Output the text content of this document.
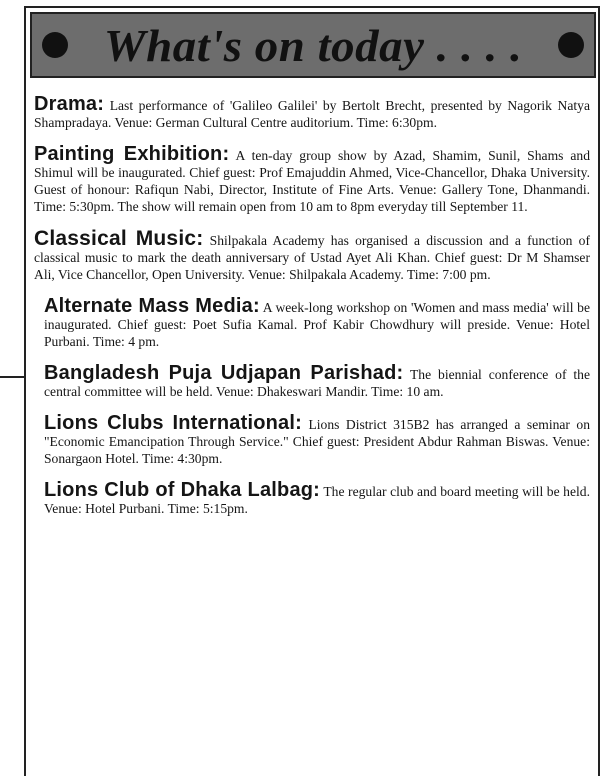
What's on today . . . .

Drama: Last performance of 'Galileo Galilei' by Bertolt Brecht, presented by Nagorik Natya Shampradaya. Venue: German Cultural Centre auditorium. Time: 6:30pm.

Painting Exhibition: A ten-day group show by Azad, Shamim, Sunil, Shams and Shimul will be inaugurated. Chief guest: Prof Emajuddin Ahmed, Vice-Chancellor, Dhaka University. Guest of honour: Rafiqun Nabi, Director, Institute of Fine Arts. Venue: Gallery Tone, Dhanmandi. Time: 5:30pm. The show will remain open from 10 am to 8pm everyday till September 11.

Classical Music: Shilpakala Academy has organised a discussion and a function of classical music to mark the death anniversary of Ustad Ayet Ali Khan. Chief guest: Dr M Shamser Ali, Vice Chancellor, Open University. Venue: Shilpakala Academy. Time: 7:00 pm.

Alternate Mass Media: A week-long workshop on 'Women and mass media' will be inaugurated. Chief guest: Poet Sufia Kamal. Prof Kabir Chowdhury will preside. Venue: Hotel Purbani. Time: 4 pm.

Bangladesh Puja Udjapan Parishad: The biennial conference of the central committee will be held. Venue: Dhakeswari Mandir. Time: 10 am.

Lions Clubs International: Lions District 315B2 has arranged a seminar on "Economic Emancipation Through Service." Chief guest: President Abdur Rahman Biswas. Venue: Sonargaon Hotel. Time: 4:30pm.

Lions Club of Dhaka Lalbag: The regular club and board meeting will be held. Venue: Hotel Purbani. Time: 5:15pm.
